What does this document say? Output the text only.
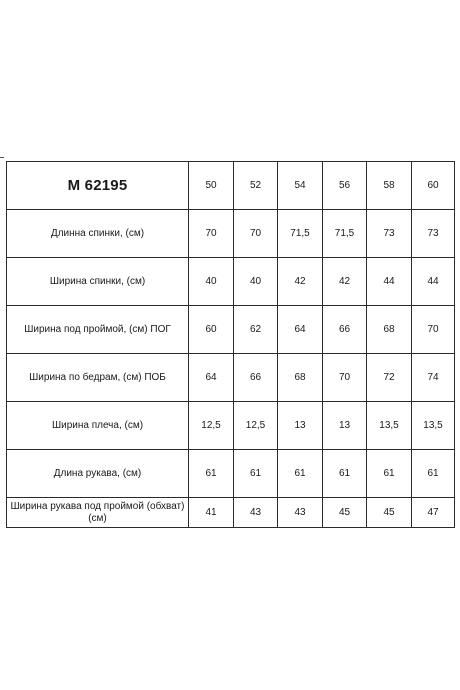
M 62195	50	52	54	56	58	60
Длинна спинки, (см)	70	70	71,5	71,5	73	73
Ширина спинки, (см)	40	40	42	42	44	44
Ширина под проймой, (см) ПОГ	60	62	64	66	68	70
Ширина по бедрам, (см) ПОБ	64	66	68	70	72	74
Ширина плеча, (см)	12,5	12,5	13	13	13,5	13,5
Длина рукава, (см)	61	61	61	61	61	61
Ширина рукава под проймой (обхват) (см)	41	43	43	45	45	47
